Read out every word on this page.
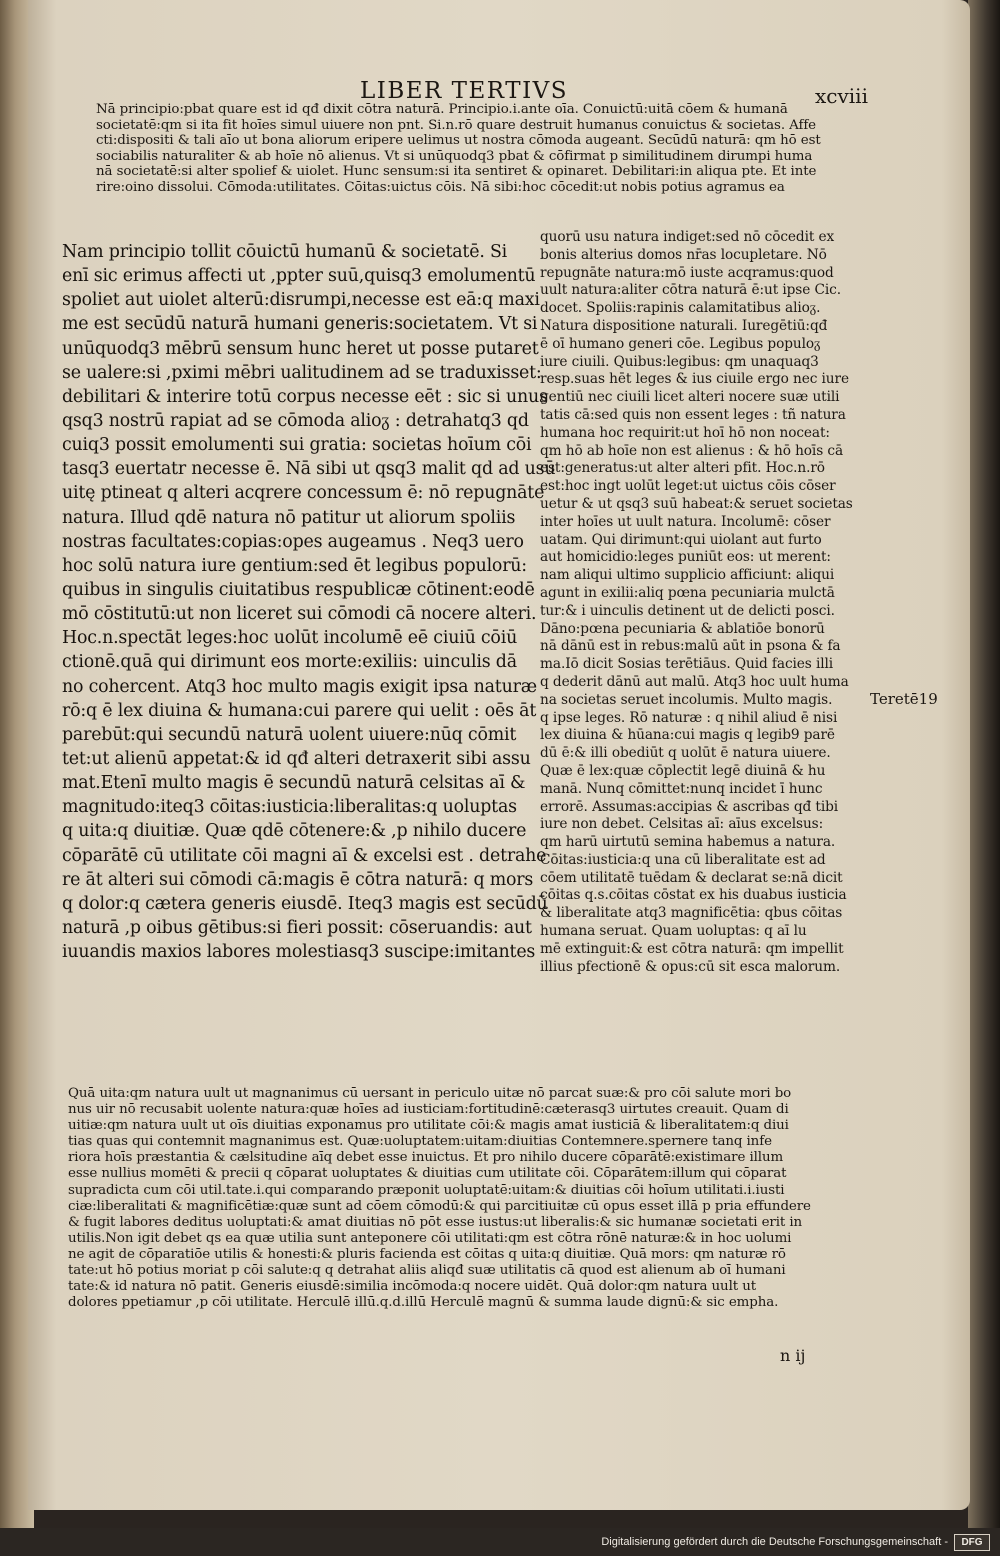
LIBER TERTIVS	xcviii
Nā principio:pbat quare est id qđ dixit cōtra naturā. Principio.i.ante oīa. Conuictū:uitā cōem & humanā
societatē:qm si ita fit hoīes simul uiuere non pnt. Si.n.rō quare destruit humanus conuictus & societas. Affe
cti:dispositi & tali aīo ut bona aliorum eripere uelimus ut nostra cōmoda augeant. Secūdū naturā: qm hō est
sociabilis naturaliter & ab hoīe nō alienus. Vt si unūquodq3 pbat & cōfirmat p similitudinem dirumpi huma
nā societatē:si alter spolief & uiolet. Hunc sensum:si ita sentiret & opinaret. Debilitari:in aliqua pte. Et inte
rire:oino dissolui. Cōmoda:utilitates. Cōitas:uictus cōis. Nā sibi:hoc cōcedit:ut nobis potius agramus ea
Nam principio tollit cōuictū humanū & societatē. Si
enī sic erimus affecti ut ,ppter suū,quisq3 emolumentū
spoliet aut uiolet alterū:disrumpi,necesse est eā:q maxi
me est secūdū naturā humani generis:societatem. Vt si
unūquodq3 mēbrū sensum hunc heret ut posse putaret
se ualere:si ,pximi mēbri ualitudinem ad se traduxisset:
debilitari & interire totū corpus necesse eēt : sic si unus
qsq3 nostrū rapiat ad se cōmoda alioᵹ : detrahatq3 qd
cuiq3 possit emolumenti sui gratia: societas hoīum cōi
tasq3 euertatr necesse ē. Nā sibi ut qsq3 malit qd ad usū
uitę ptineat q alteri acqrere concessum ē: nō repugnāte
natura. Illud qdē natura nō patitur ut aliorum spoliis
nostras facultates:copias:opes augeamus . Neq3 uero
hoc solū natura iure gentium:sed ēt legibus populorū:
quibus in singulis ciuitatibus respublicæ cōtinent:eodē
mō cōstitutū:ut non liceret sui cōmodi cā nocere alteri.
Hoc.n.spectāt leges:hoc uolūt incolumē eē ciuiū cōiū
ctionē.quā qui dirimunt eos morte:exiliis: uinculis dā
no cohercent. Atq3 hoc multo magis exigit ipsa naturæ
rō:q ē lex diuina & humana:cui parere qui uelit : oēs āt
parebūt:qui secundū naturā uolent uiuere:nūq cōmit
tet:ut alienū appetat:& id qđ alteri detraxerit sibi assu
mat.Etenī multo magis ē secundū naturā celsitas aī &
magnitudo:iteq3 cōitas:iusticia:liberalitas:q uoluptas
q uita:q diuitiæ. Quæ qdē cōtenere:& ,p nihilo ducere
cōparātē cū utilitate cōi magni aī & excelsi est . detrahe
re āt alteri sui cōmodi cā:magis ē cōtra naturā: q mors
q dolor:q cætera generis eiusdē. Iteq3 magis est secūdū
naturā ,p oibus gētibus:si fieri possit: cōseruandis: aut
iuuandis maxios labores molestiasq3 suscipe:imitantes
quorū usu natura indiget:sed nō cōcedit ex
bonis alterius domos nr̄as locupletare. Nō
repugnāte natura:mō iuste acqramus:quod
uult natura:aliter cōtra naturā ē:ut ipse Cic.
docet. Spoliis:rapinis calamitatibus alioᵹ.
Natura dispositione naturali. Iuregētiū:qđ
ē oī humano generi cōe. Legibus populoᵹ
iure ciuili. Quibus:legibus: qm unaquaq3
resp.suas hēt leges & ius ciuile ergo nec iure
gentiū nec ciuili licet alteri nocere suæ utili
tatis cā:sed quis non essent leges : tñ natura
humana hoc requirit:ut hoī hō non noceat:
qm hō ab hoīe non est alienus : & hō hoīs cā
est:generatus:ut alter alteri pfit. Hoc.n.rō
est:hoc ingt uolūt leget:ut uictus cōis cōser
uetur & ut qsq3 suū habeat:& seruet societas
inter hoīes ut uult natura. Incolumē: cōser
uatam. Qui dirimunt:qui uiolant aut furto
aut homicidio:leges puniūt eos: ut merent:
nam aliqui ultimo supplicio afficiunt: aliqui
agunt in exilii:aliq pœna pecuniaria mulctā
tur:& i uinculis detinent ut de delicti posci.
Dāno:pœna pecuniaria & ablatiōe bonorū
nā dānū est in rebus:malū aūt in psona & fa
ma.Iō dicit Sosias terētiāus. Quid facies illi
q dederit dānū aut malū. Atq3 hoc uult huma
na societas seruet incolumis. Multo magis.
q ipse leges. Rō naturæ : q nihil aliud ē nisi
lex diuina & hūana:cui magis q legib9 parē
dū ē:& illi obediūt q uolūt ē natura uiuere.
Quæ ē lex:quæ cōplectit legē diuinā & hu
manā. Nunq cōmittet:nunq incidet ī hunc
errorē. Assumas:accipias & ascribas qđ tibi
iure non debet. Celsitas aī: aīus excelsus:
qm harū uirtutū semina habemus a natura.
Cōitas:iusticia:q una cū liberalitate est ad
cōem utilitatē tuēdam & declarat se:nā dicit
cōitas q.s.cōitas cōstat ex his duabus iusticia
& liberalitate atq3 magnificētia: qbus cōitas
humana seruat. Quam uoluptas: q aī lu
mē extinguit:& est cōtra naturā: qm impellit
illius pfectionē & opus:cū sit esca malorum.
Teretē19
Quā uita:qm natura uult ut magnanimus cū uersant in periculo uitæ nō parcat suæ:& pro cōi salute mori bo
nus uir nō recusabit uolente natura:quæ hoīes ad iusticiam:fortitudinē:cæterasq3 uirtutes creauit. Quam di
uitiæ:qm natura uult ut oīs diuitias exponamus pro utilitate cōi:& magis amat iusticiā & liberalitatem:q diui
tias quas qui contemnit magnanimus est. Quæ:uoluptatem:uitam:diuitias Contemnere.spernere tanq infe
riora hoīs præstantia & cælsitudine aīq debet esse inuictus. Et pro nihilo ducere cōparātē:existimare illum
esse nullius momēti & precii q cōparat uoluptates & diuitias cum utilitate cōi. Cōparātem:illum qui cōparat
supradicta cum cōi util.tate.i.qui comparando præponit uoluptatē:uitam:& diuitias cōi hoīum utilitati.i.iusti
ciæ:liberalitati & magnificētiæ:quæ sunt ad cōem cōmodū:& qui parcitiuitæ cū opus esset illā p pria effundere
& fugit labores deditus uoluptati:& amat diuitias nō pōt esse iustus:ut liberalis:& sic humanæ societati erit in
utilis.Non igit debet qs ea quæ utilia sunt anteponere cōi utilitati:qm est cōtra rōnē naturæ:& in hoc uolumi
ne agit de cōparatiōe utilis & honesti:& pluris facienda est cōitas q uita:q diuitiæ. Quā mors: qm naturæ rō
tate:ut hō potius moriat p cōi salute:q q detrahat aliis aliqđ suæ utilitatis cā quod est alienum ab oī humani
tate:& id natura nō patit. Generis eiusdē:similia incōmoda:q nocere uidēt. Quā dolor:qm natura uult ut
dolores ppetiamur ,p cōi utilitate. Herculē illū.q.d.illū Herculē magnū & summa laude dignū:& sic empha.
n ij
Digitalisierung gefördert durch die Deutsche Forschungsgemeinschaft -	DFG
